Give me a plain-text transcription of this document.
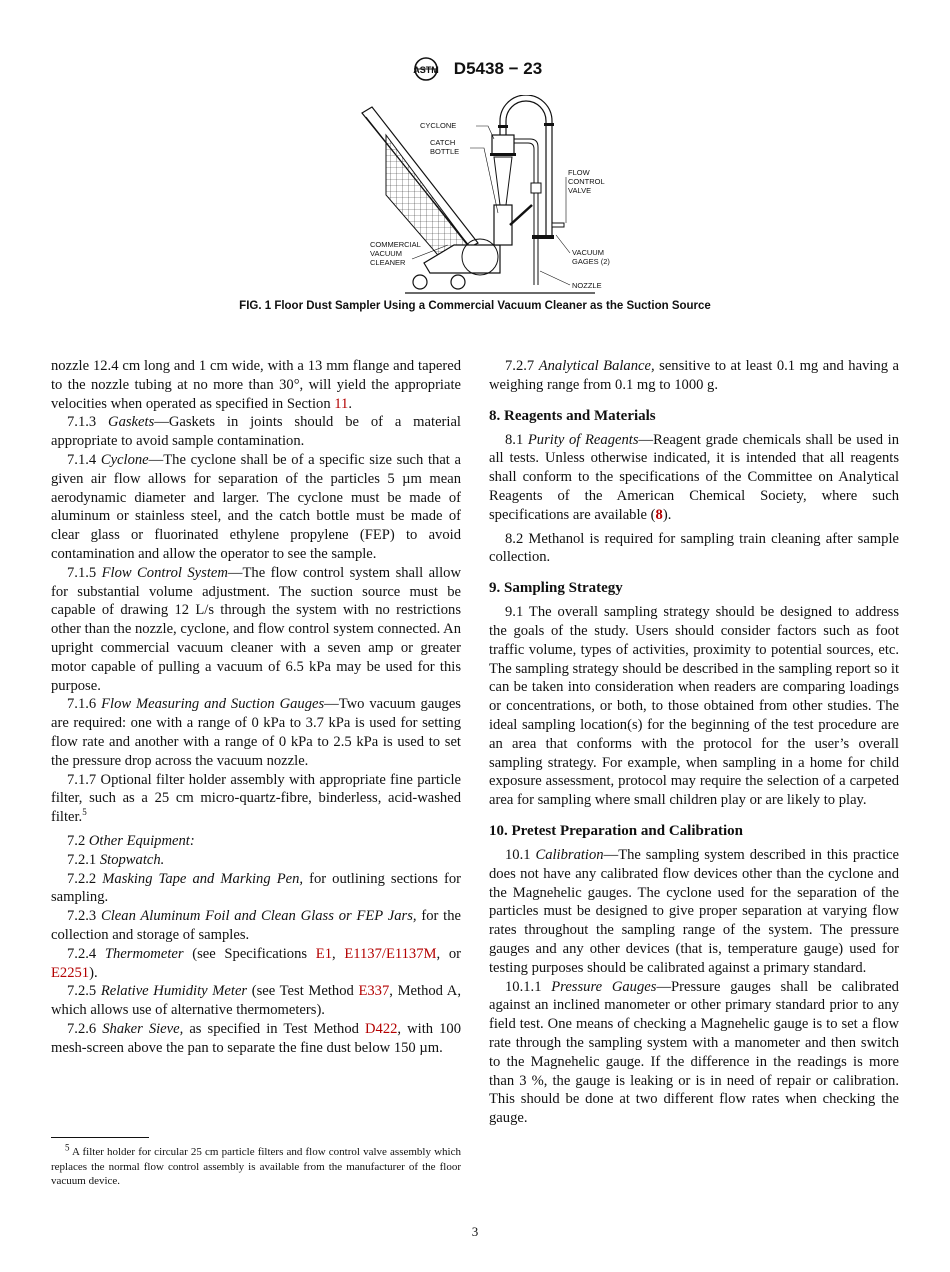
ASTM D5438 − 23
CYCLONE
CATCH
BOTTLE
FLOW
CONTROL
VALVE
COMMERCIAL
VACUUM
CLEANER
VACUUM
GAGES (2)
NOZZLE
FIG. 1 Floor Dust Sampler Using a Commercial Vacuum Cleaner as the Suction Source

nozzle 12.4 cm long and 1 cm wide, with a 13 mm flange and tapered to the nozzle tubing at no more than 30°, will yield the appropriate velocities when operated as specified in Section 11.

7.1.3 Gaskets—Gaskets in joints should be of a material appropriate to avoid sample contamination.

7.1.4 Cyclone—The cyclone shall be of a specific size such that a given air flow allows for separation of the particles 5 µm mean aerodynamic diameter and larger. The cyclone must be made of aluminum or stainless steel, and the catch bottle must be made of clear glass or fluorinated ethylene propylene (FEP) to avoid contamination and allow the operator to see the sample.

7.1.5 Flow Control System—The flow control system shall allow for substantial volume adjustment. The suction source must be capable of drawing 12 L/s through the system with no restrictions other than the nozzle, cyclone, and flow control system connected. An upright commercial vacuum cleaner with a seven amp or greater motor capable of pulling a vacuum of 6.5 kPa may be used for this purpose.

7.1.6 Flow Measuring and Suction Gauges—Two vacuum gauges are required: one with a range of 0 kPa to 3.7 kPa is used for setting flow rate and another with a range of 0 kPa to 2.5 kPa is used to set the pressure drop across the vacuum nozzle.

7.1.7 Optional filter holder assembly with appropriate fine particle filter, such as a 25 cm micro-quartz-fibre, binderless, acid-washed filter.$^5$

7.2 Other Equipment:

7.2.1 Stopwatch.

7.2.2 Masking Tape and Marking Pen, for outlining sections for sampling.

7.2.3 Clean Aluminum Foil and Clean Glass or FEP Jars, for the collection and storage of samples.

7.2.4 Thermometer (see Specifications E1, E1137/E1137M, or E2251).

7.2.5 Relative Humidity Meter (see Test Method E337, Method A, which allows use of alternative thermometers).

7.2.6 Shaker Sieve, as specified in Test Method D422, with 100 mesh-screen above the pan to separate the fine dust below 150 µm.

$^5$ A filter holder for circular 25 cm particle filters and flow control valve assembly which replaces the normal flow control assembly is available from the manufacturer of the floor vacuum device.

7.2.7 Analytical Balance, sensitive to at least 0.1 mg and having a weighing range from 0.1 mg to 1000 g.

8. Reagents and Materials

8.1 Purity of Reagents—Reagent grade chemicals shall be used in all tests. Unless otherwise indicated, it is intended that all reagents shall conform to the specifications of the Committee on Analytical Reagents of the American Chemical Society, where such specifications are available (8).

8.2 Methanol is required for sampling train cleaning after sample collection.

9. Sampling Strategy

9.1 The overall sampling strategy should be designed to address the goals of the study. Users should consider factors such as foot traffic volume, types of activities, proximity to potential sources, etc. The sampling strategy should be described in the sampling report so it can be taken into consideration when readers are comparing loadings or concentrations, or both, to those obtained from other studies. The ideal sampling location(s) for the beginning of the test procedure are an area that conforms with the protocol for the user’s overall sampling strategy. For example, when sampling in a home for child exposure assessment, protocol may require the selection of a carpeted area for sampling where small children play or are likely to play.

10. Pretest Preparation and Calibration

10.1 Calibration—The sampling system described in this practice does not have any calibrated flow devices other than the cyclone and the Magnehelic gauges. The cyclone used for the separation of the particles must be designed to give proper separation at varying flow rates throughout the sampling range of the system. The pressure gauges and any other devices (that is, temperature gauge) used for testing purposes should be calibrated against a primary standard.

10.1.1 Pressure Gauges—Pressure gauges shall be calibrated against an inclined manometer or other primary standard prior to any field test. One means of checking a Magnehelic gauge is to set a flow rate through the sampling system with a manometer and then switch to the Magnehelic gauge. If the difference in the readings is more than 3 %, the gauge is leaking or is in need of repair or calibration. This should be done at two different flow rates when checking the gauge.

3
